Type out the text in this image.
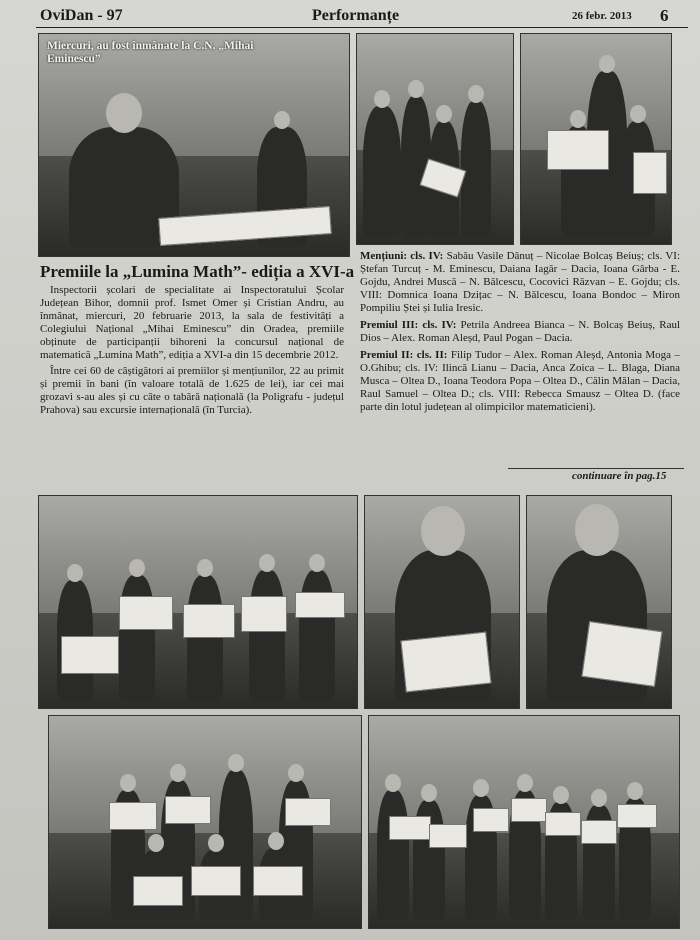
OviDan - 97	Performanțe	26 febr. 2013 6
Miercuri, au fost înmânate la C.N. „Mihai Eminescu”
Premiile la „Lumina Math”- ediția a XVI-a

Inspectorii școlari de specialitate ai Inspectoratului Școlar Județean Bihor, domnii prof. Ismet Omer și Cristian Andru, au înmânat, miercuri, 20 februarie 2013, la sala de festivități a Colegiului Național „Mihai Eminescu” din Oradea, premiile obținute de participanții bihoreni la concursul național de matematică „Lumina Math”, ediția a XVI-a din 15 decembrie 2012.

Între cei 60 de câștigători ai premiilor și mențiunilor, 22 au primit și premii în bani (în valoare totală de 1.625 de lei), iar cei mai grozavi s-au ales și cu câte o tabără națională (la Poligrafu - județul Prahova) sau excursie internațională (în Turcia).

Mențiuni: cls. IV: Sabău Vasile Dănuț – Nicolae Bolcaș Beiuș; cls. VI: Ștefan Turcuț - M. Eminescu, Daiana Iagăr – Dacia, Ioana Gârba - E. Gojdu, Andrei Muscă – N. Bălcescu, Cocovici Răzvan – E. Gojdu; cls. VIII: Domnica Ioana Dzițac – N. Bălcescu, Ioana Bondoc – Miron Pompiliu Ștei și Iulia Iresic.

Premiul III: cls. IV: Petrila Andreea Bianca – N. Bolcaș Beiuș, Raul Dios – Alex. Roman Aleșd, Paul Pogan – Dacia.

Premiul II: cls. II: Filip Tudor – Alex. Roman Aleșd, Antonia Moga – O.Ghibu; cls. IV: Ilincă Lianu – Dacia, Anca Zoica – L. Blaga, Diana Musca – Oltea D., Ioana Teodora Popa – Oltea D., Călin Mălan – Dacia, Raul Samuel – Oltea D.; cls. VIII: Rebecca Smausz – Oltea D. (face parte din lotul județean al olimpicilor matematicieni).

continuare în pag.15
